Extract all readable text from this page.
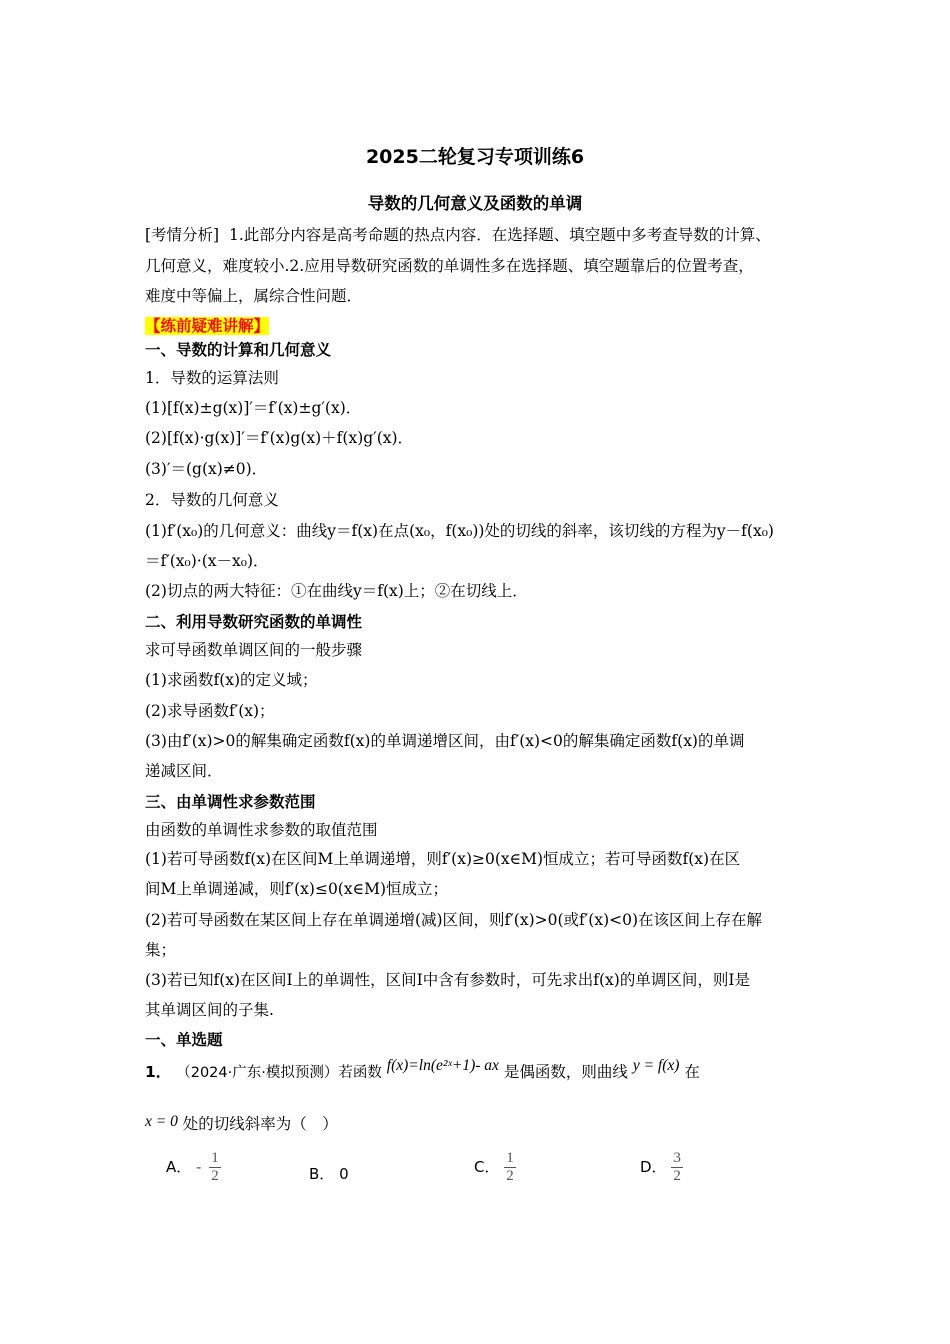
2025二轮复习专项训练6
导数的几何意义及函数的单调
[考情分析] 1.此部分内容是高考命题的热点内容．在选择题、填空题中多考查导数的计算、
几何意义，难度较小.2.应用导数研究函数的单调性多在选择题、填空题靠后的位置考查，
难度中等偏上，属综合性问题．
【练前疑难讲解】
一、导数的计算和几何意义
1．导数的运算法则
(1)[f(x)±g(x)]′＝f′(x)±g′(x)．
(2)[f(x)·g(x)]′＝f′(x)g(x)＋f(x)g′(x)．
(3)′＝(g(x)≠0)．
2．导数的几何意义
(1)f′(x₀)的几何意义：曲线y＝f(x)在点(x₀，f(x₀))处的切线的斜率，该切线的方程为y－f(x₀)
＝f′(x₀)·(x－x₀)．
(2)切点的两大特征：①在曲线y＝f(x)上；②在切线上．
二、利用导数研究函数的单调性
求可导函数单调区间的一般步骤
(1)求函数f(x)的定义域；
(2)求导函数f′(x)；
(3)由f′(x)>0的解集确定函数f(x)的单调递增区间，由f′(x)<0的解集确定函数f(x)的单调
递减区间．
三、由单调性求参数范围
由函数的单调性求参数的取值范围
(1)若可导函数f(x)在区间M上单调递增，则f′(x)≥0(x∈M)恒成立；若可导函数f(x)在区
间M上单调递减，则f′(x)≤0(x∈M)恒成立；
(2)若可导函数在某区间上存在单调递增(减)区间，则f′(x)>0(或f′(x)<0)在该区间上存在解
集；
(3)若已知f(x)在区间I上的单调性，区间I中含有参数时，可先求出f(x)的单调区间，则I是
其单调区间的子集.
一、单选题
1． （2024·广东·模拟预测）若函数 f(x)=ln(e²ˣ+1)- ax 是偶函数，则曲线 y = f(x) 在
x = 0 处的切线斜率为（　）
A． - $\frac{1}{2}$	B． 0	C． $\frac{1}{2}$	D． $\frac{3}{2}$
